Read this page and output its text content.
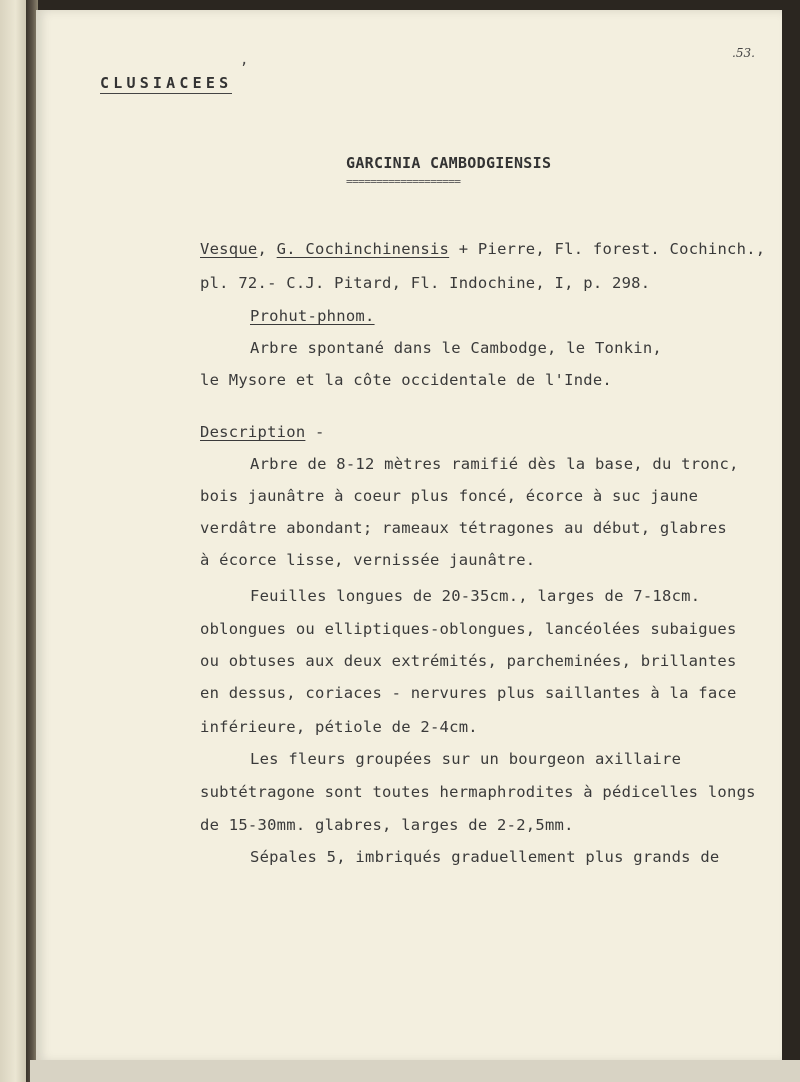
.53.

,

CLUSIACEES
GARCINIA CAMBODGIENSIS

===================

Vesque, G. Cochinchinensis + Pierre, Fl. forest. Cochinch.,

pl. 72.- C.J. Pitard, Fl. Indochine, I, p. 298.

Prohut-phnom.

Arbre spontané dans le Cambodge, le Tonkin,

le Mysore et la côte occidentale de l'Inde.

Description -

Arbre de 8-12 mètres ramifié dès la base, du tronc,

bois jaunâtre à coeur plus foncé, écorce à suc jaune

verdâtre abondant; rameaux tétragones au début, glabres

à écorce lisse, vernissée jaunâtre.

Feuilles longues de 20-35cm., larges de 7-18cm.

oblongues ou elliptiques-oblongues, lancéolées subaigues

ou obtuses aux deux extrémités, parcheminées, brillantes

en dessus, coriaces - nervures plus saillantes à la face

inférieure, pétiole de 2-4cm.

Les fleurs groupées sur un bourgeon axillaire

subtétragone sont toutes hermaphrodites à pédicelles longs

de 15-30mm. glabres, larges de 2-2,5mm.

Sépales 5, imbriqués graduellement plus grands de
